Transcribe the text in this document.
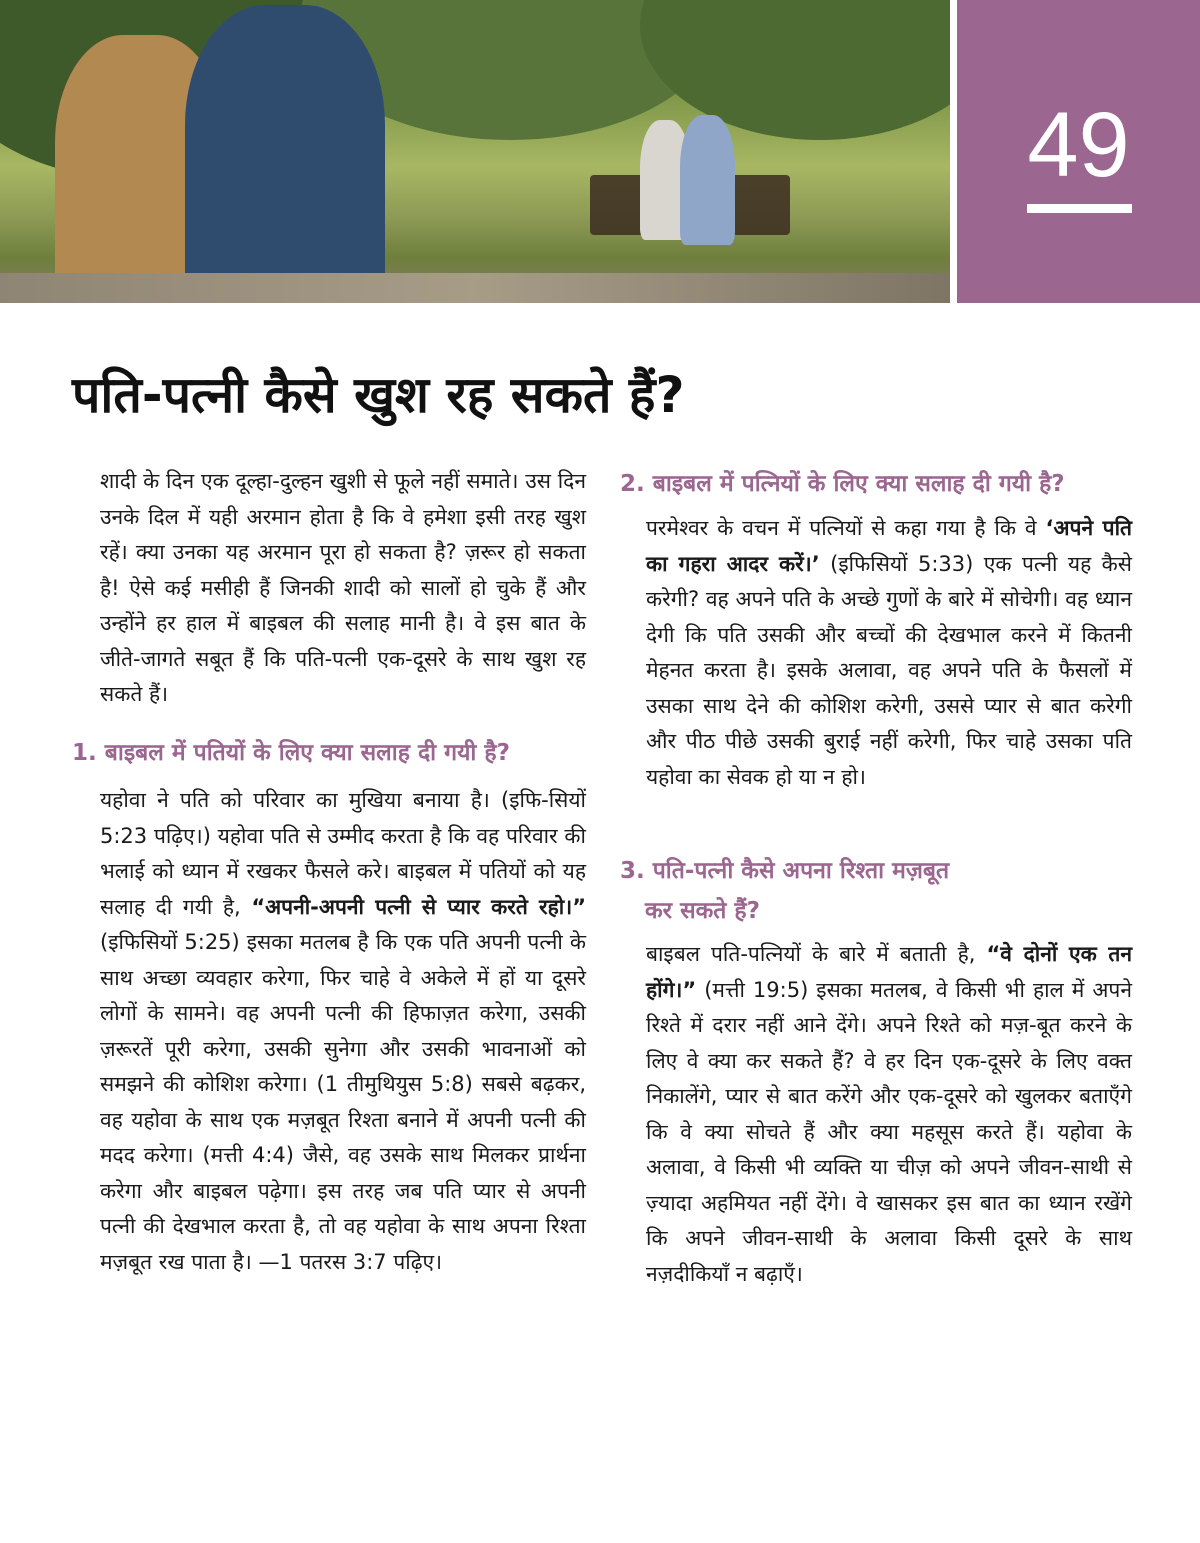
49
पति-पत्नी कैसे खुश रह सकते हैं?

शादी के दिन एक दूल्हा-दुल्हन खुशी से फूले नहीं समाते। उस दिन उनके दिल में यही अरमान होता है कि वे हमेशा इसी तरह खुश रहें। क्या उनका यह अरमान पूरा हो सकता है? ज़रूर हो सकता है! ऐसे कई मसीही हैं जिनकी शादी को सालों हो चुके हैं और उन्होंने हर हाल में बाइबल की सलाह मानी है। वे इस बात के जीते-जागते सबूत हैं कि पति-पत्नी एक-दूसरे के साथ खुश रह सकते हैं।

1. बाइबल में पतियों के लिए क्या सलाह दी गयी है?

यहोवा ने पति को परिवार का मुखिया बनाया है। (इफि-सियों 5:23 पढ़िए।) यहोवा पति से उम्मीद करता है कि वह परिवार की भलाई को ध्यान में रखकर फैसले करे। बाइबल में पतियों को यह सलाह दी गयी है, “अपनी-अपनी पत्नी से प्यार करते रहो।” (इफिसियों 5:25) इसका मतलब है कि एक पति अपनी पत्नी के साथ अच्छा व्यवहार करेगा, फिर चाहे वे अकेले में हों या दूसरे लोगों के सामने। वह अपनी पत्नी की हिफाज़त करेगा, उसकी ज़रूरतें पूरी करेगा, उसकी सुनेगा और उसकी भावनाओं को समझने की कोशिश करेगा। (1 तीमुथियुस 5:8) सबसे बढ़कर, वह यहोवा के साथ एक मज़बूत रिश्ता बनाने में अपनी पत्नी की मदद करेगा। (मत्ती 4:4) जैसे, वह उसके साथ मिलकर प्रार्थना करेगा और बाइबल पढ़ेगा। इस तरह जब पति प्यार से अपनी पत्नी की देखभाल करता है, तो वह यहोवा के साथ अपना रिश्ता मज़बूत रख पाता है। —1 पतरस 3:7 पढ़िए।

2. बाइबल में पत्नियों के लिए क्या सलाह दी गयी है?

परमेश्वर के वचन में पत्नियों से कहा गया है कि वे ‘अपने पति का गहरा आदर करें।’ (इफिसियों 5:33) एक पत्नी यह कैसे करेगी? वह अपने पति के अच्छे गुणों के बारे में सोचेगी। वह ध्यान देगी कि पति उसकी और बच्चों की देखभाल करने में कितनी मेहनत करता है। इसके अलावा, वह अपने पति के फैसलों में उसका साथ देने की कोशिश करेगी, उससे प्यार से बात करेगी और पीठ पीछे उसकी बुराई नहीं करेगी, फिर चाहे उसका पति यहोवा का सेवक हो या न हो।

3. पति-पत्नी कैसे अपना रिश्ता मज़बूत
कर सकते हैं?

बाइबल पति-पत्नियों के बारे में बताती है, “वे दोनों एक तन होंगे।” (मत्ती 19:5) इसका मतलब, वे किसी भी हाल में अपने रिश्ते में दरार नहीं आने देंगे। अपने रिश्ते को मज़-बूत करने के लिए वे क्या कर सकते हैं? वे हर दिन एक-दूसरे के लिए वक्‍त निकालेंगे, प्यार से बात करेंगे और एक-दूसरे को खुलकर बताएँगे कि वे क्या सोचते हैं और क्या महसूस करते हैं। यहोवा के अलावा, वे किसी भी व्यक्‍ति या चीज़ को अपने जीवन-साथी से ज़्यादा अहमियत नहीं देंगे। वे खासकर इस बात का ध्यान रखेंगे कि अपने जीवन-साथी के अलावा किसी दूसरे के साथ नज़दीकियाँ न बढ़ाएँ।
